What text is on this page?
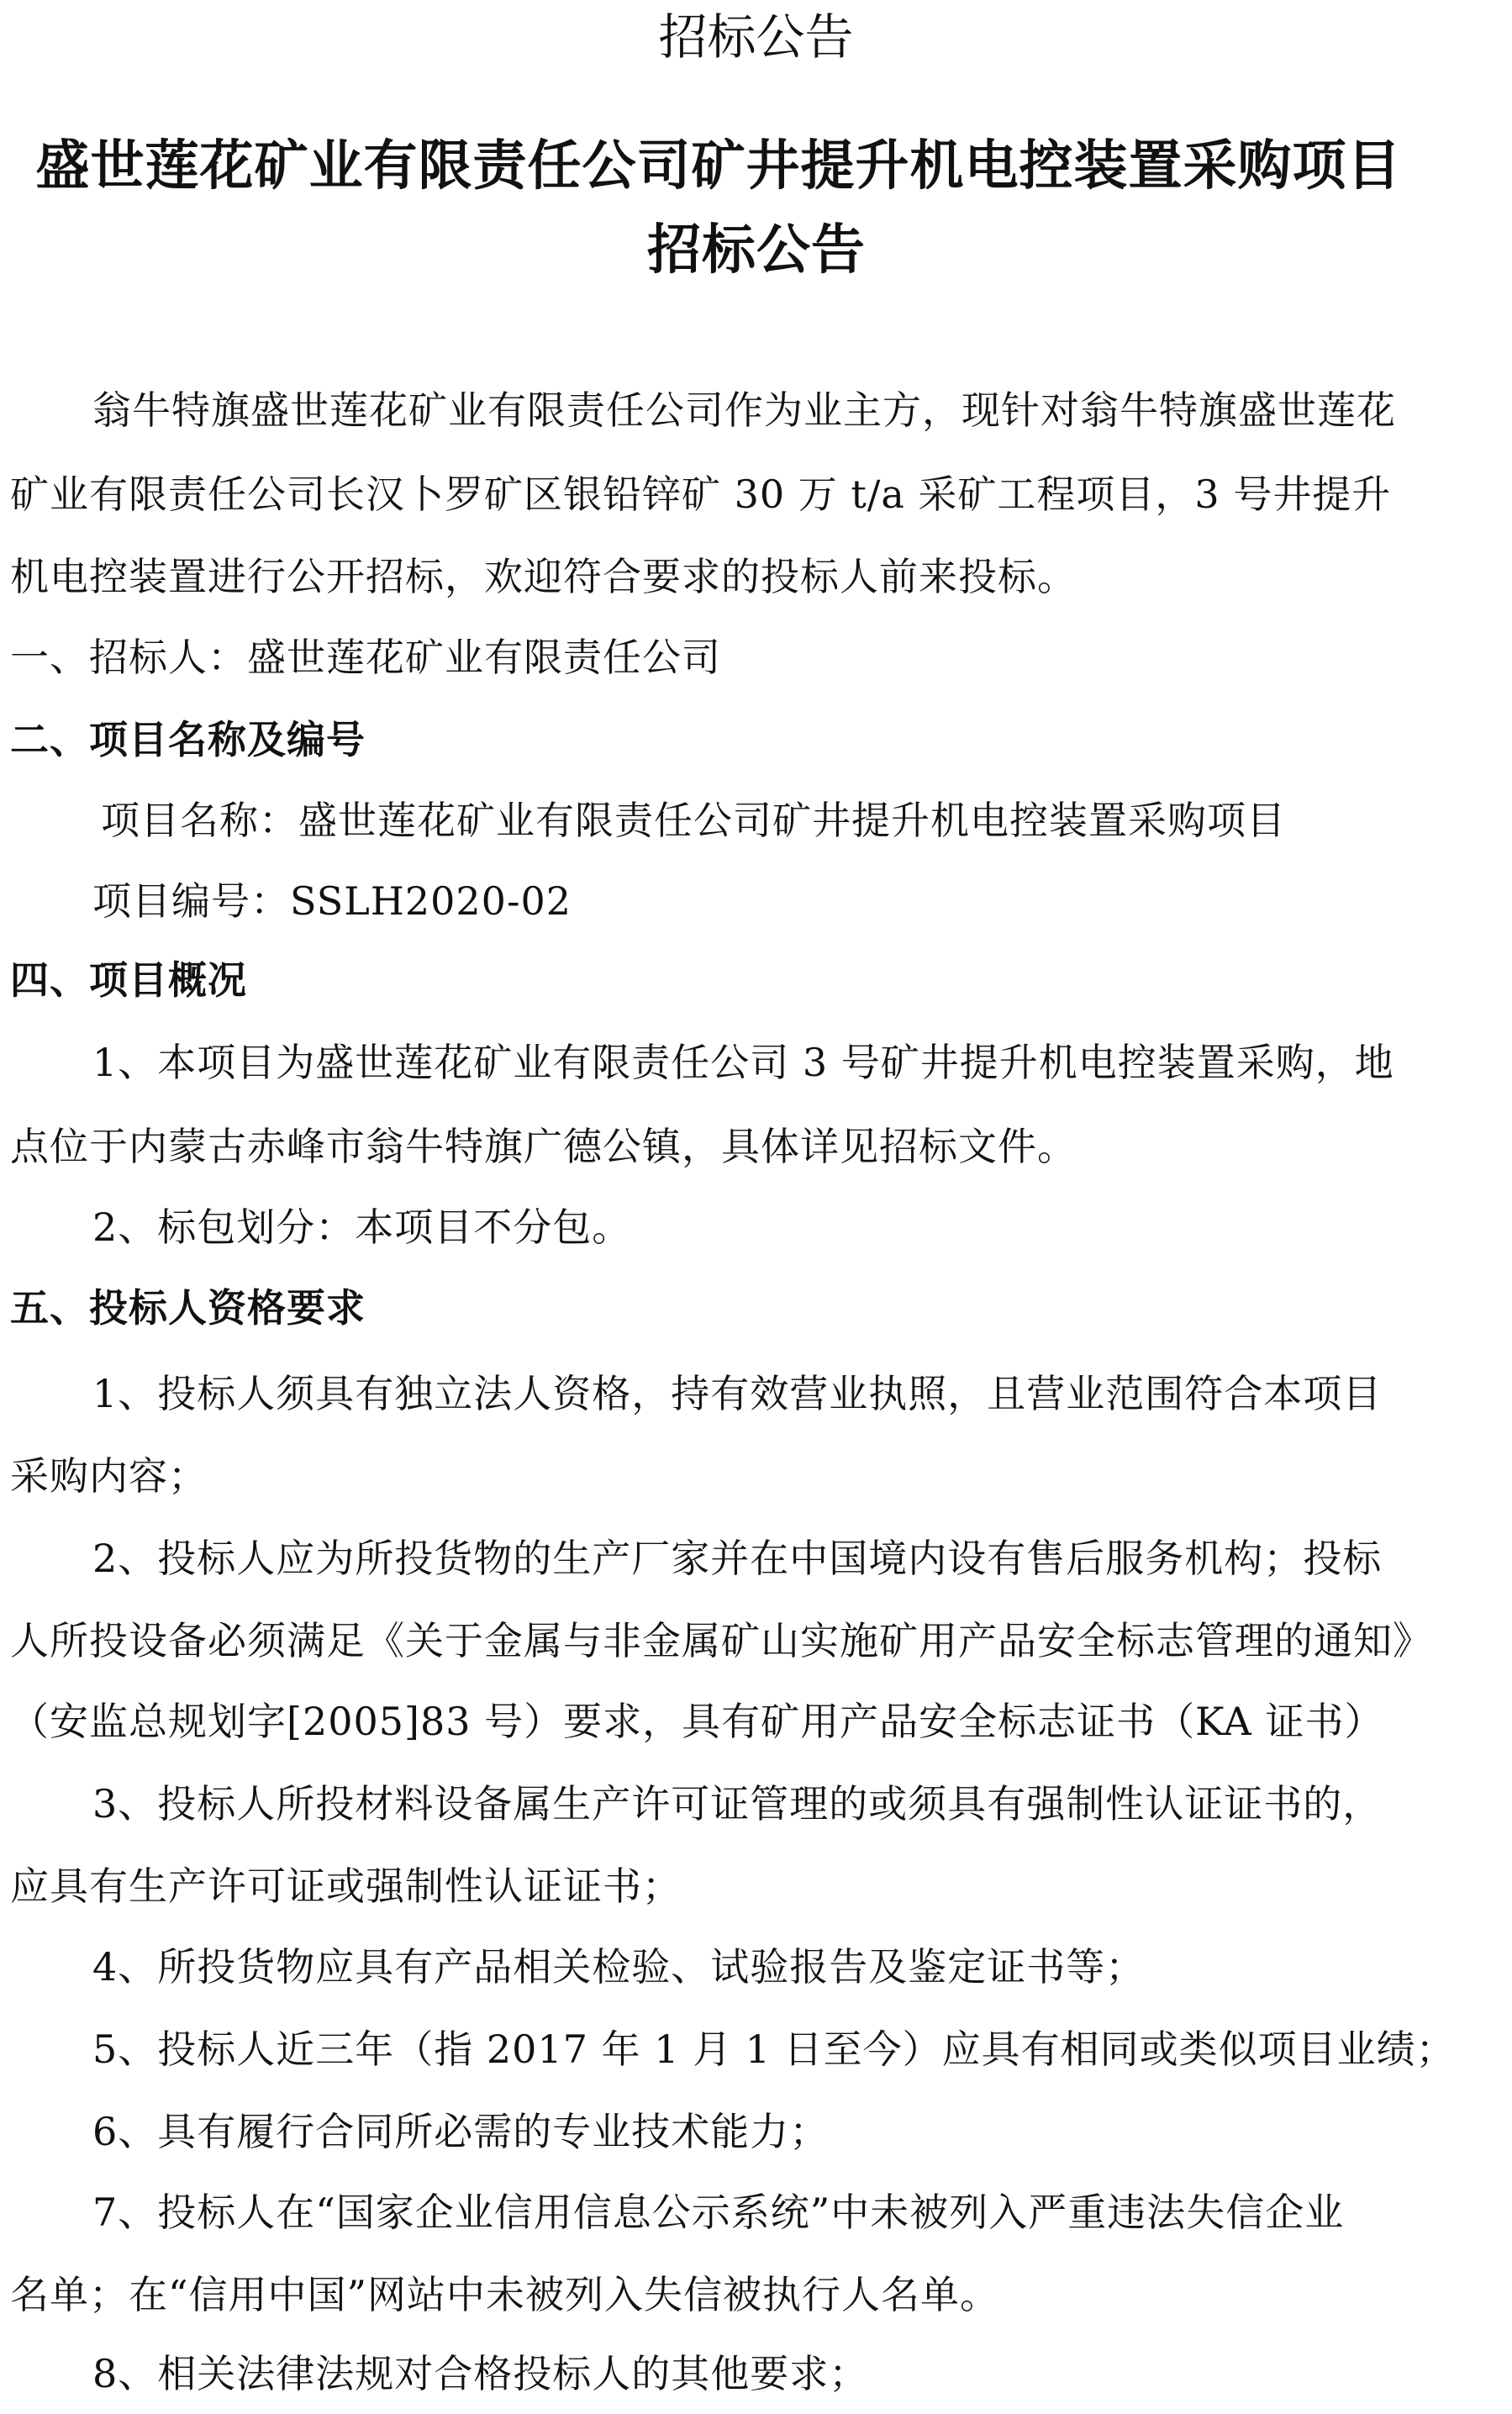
招标公告
盛世莲花矿业有限责任公司矿井提升机电控装置采购项目
招标公告
翁牛特旗盛世莲花矿业有限责任公司作为业主方，现针对翁牛特旗盛世莲花
矿业有限责任公司长汉卜罗矿区银铅锌矿 30 万 t/a 采矿工程项目，3 号井提升
机电控装置进行公开招标，欢迎符合要求的投标人前来投标。
一、招标人：盛世莲花矿业有限责任公司
二、项目名称及编号
项目名称：盛世莲花矿业有限责任公司矿井提升机电控装置采购项目
项目编号：SSLH2020-02
四、项目概况
1、本项目为盛世莲花矿业有限责任公司 3 号矿井提升机电控装置采购，地
点位于内蒙古赤峰市翁牛特旗广德公镇，具体详见招标文件。
2、标包划分：本项目不分包。
五、投标人资格要求
1、投标人须具有独立法人资格，持有效营业执照，且营业范围符合本项目
采购内容；
2、投标人应为所投货物的生产厂家并在中国境内设有售后服务机构；投标
人所投设备必须满足《关于金属与非金属矿山实施矿用产品安全标志管理的通知》
（安监总规划字[2005]83 号）要求，具有矿用产品安全标志证书（KA 证书）
3、投标人所投材料设备属生产许可证管理的或须具有强制性认证证书的，
应具有生产许可证或强制性认证证书；
4、所投货物应具有产品相关检验、试验报告及鉴定证书等；
5、投标人近三年（指 2017 年 1 月 1 日至今）应具有相同或类似项目业绩；
6、具有履行合同所必需的专业技术能力；
7、投标人在“国家企业信用信息公示系统”中未被列入严重违法失信企业
名单；在“信用中国”网站中未被列入失信被执行人名单。
8、相关法律法规对合格投标人的其他要求；
